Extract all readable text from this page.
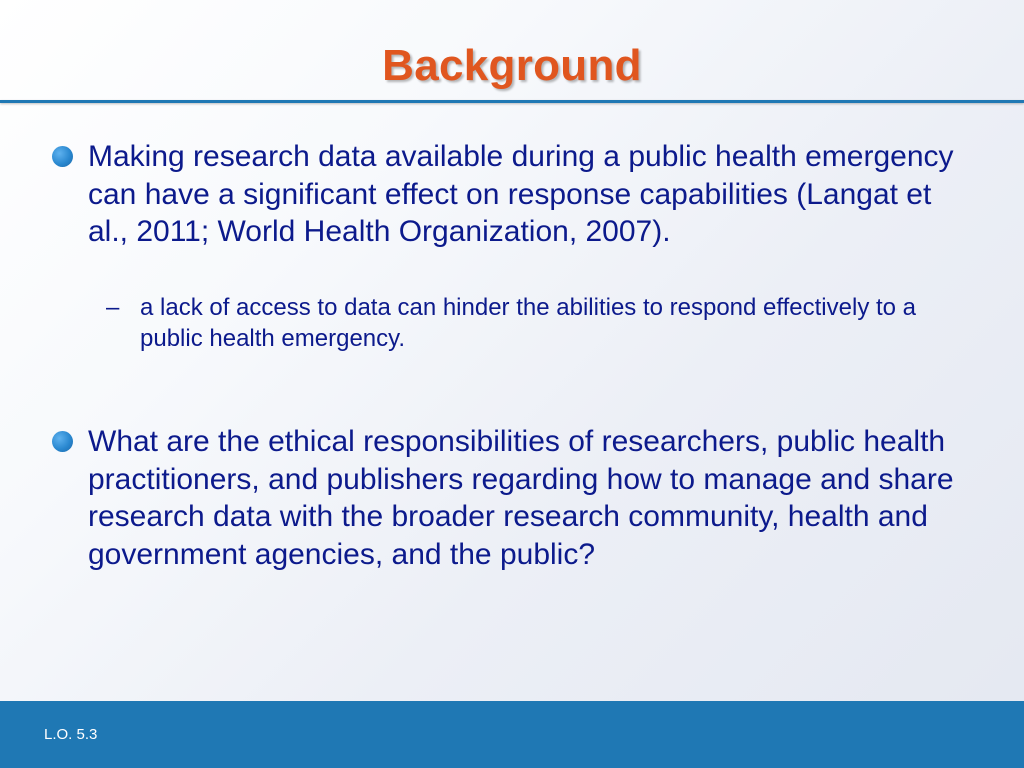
Background
Making research data available during a public health emergency can have a significant effect on response capabilities (Langat et al., 2011; World Health Organization, 2007).
– a lack of access to data can hinder the abilities to respond effectively to a public health emergency.
What are the ethical responsibilities of researchers, public health practitioners, and publishers regarding how to manage and share research data with the broader research community, health and government agencies, and the public?
L.O. 5.3
